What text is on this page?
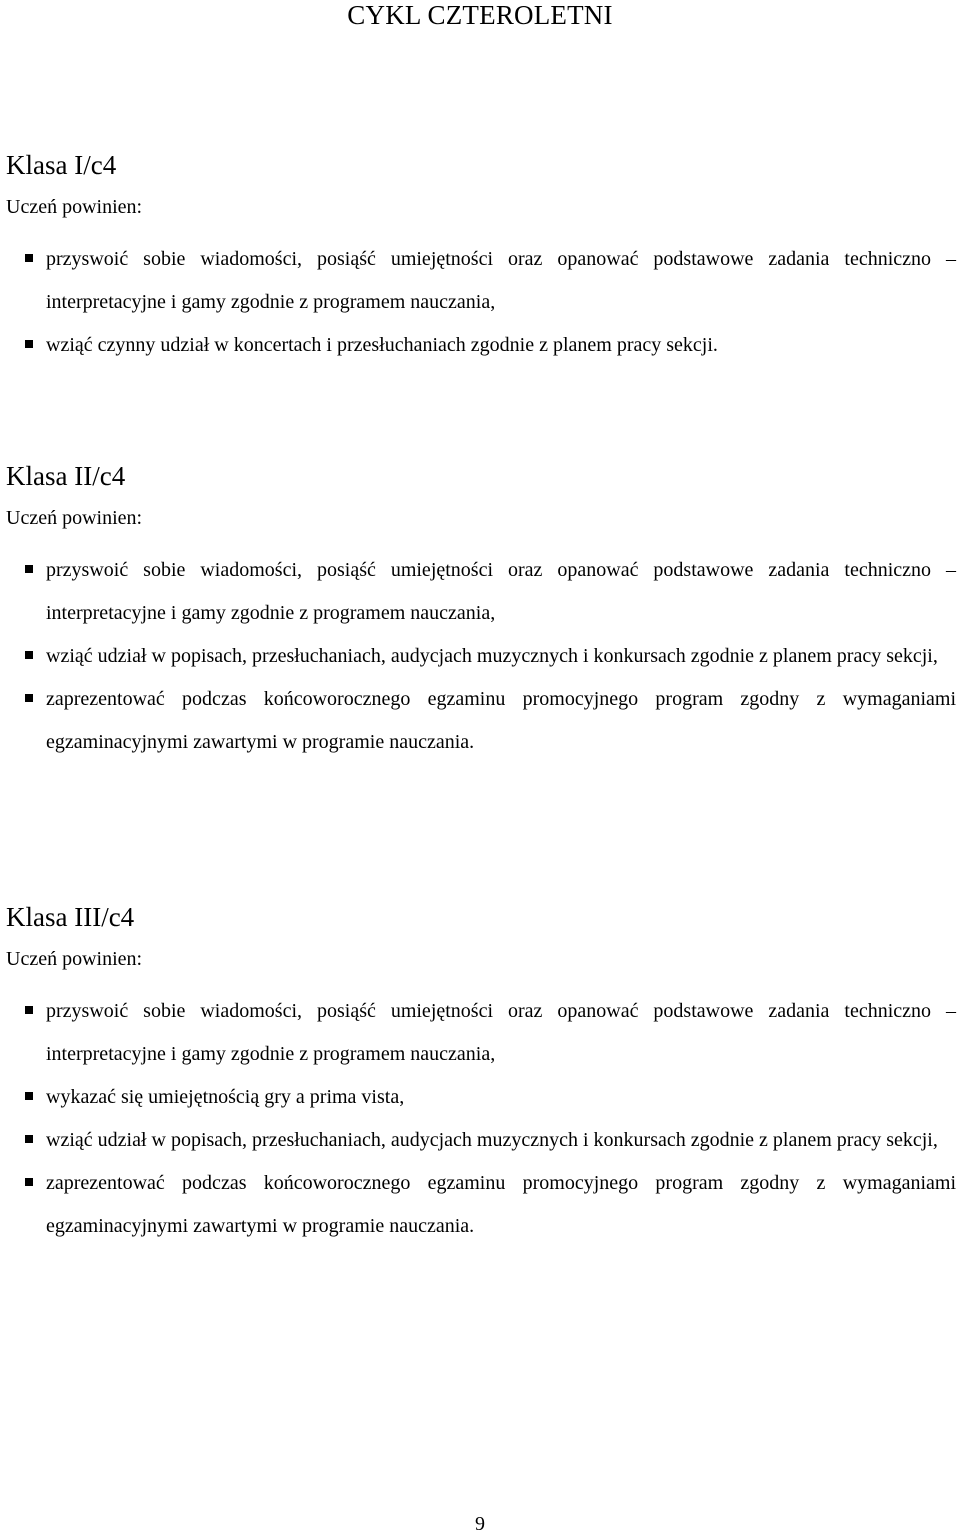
CYKL CZTEROLETNI
Klasa I/c4

Uczeń powinien:

przyswoić sobie wiadomości, posiąść umiejętności oraz opanować podstawowe zadania techniczno – interpretacyjne i gamy zgodnie z programem nauczania,
wziąć czynny udział w koncertach i przesłuchaniach zgodnie z planem pracy sekcji.
Klasa II/c4

Uczeń powinien:

przyswoić sobie wiadomości, posiąść umiejętności oraz opanować podstawowe zadania techniczno – interpretacyjne i gamy zgodnie z programem nauczania,
wziąć udział w popisach, przesłuchaniach, audycjach muzycznych i konkursach zgodnie z planem pracy sekcji,
zaprezentować podczas końcoworocznego egzaminu promocyjnego program zgodny z wymaganiami egzaminacyjnymi zawartymi w programie nauczania.
Klasa III/c4

Uczeń powinien:

przyswoić sobie wiadomości, posiąść umiejętności oraz opanować podstawowe zadania techniczno – interpretacyjne i gamy zgodnie z programem nauczania,
wykazać się umiejętnością gry a prima vista,
wziąć udział w popisach, przesłuchaniach, audycjach muzycznych i konkursach zgodnie z planem pracy sekcji,
zaprezentować podczas końcoworocznego egzaminu promocyjnego program zgodny z wymaganiami egzaminacyjnymi zawartymi w programie nauczania.
9
